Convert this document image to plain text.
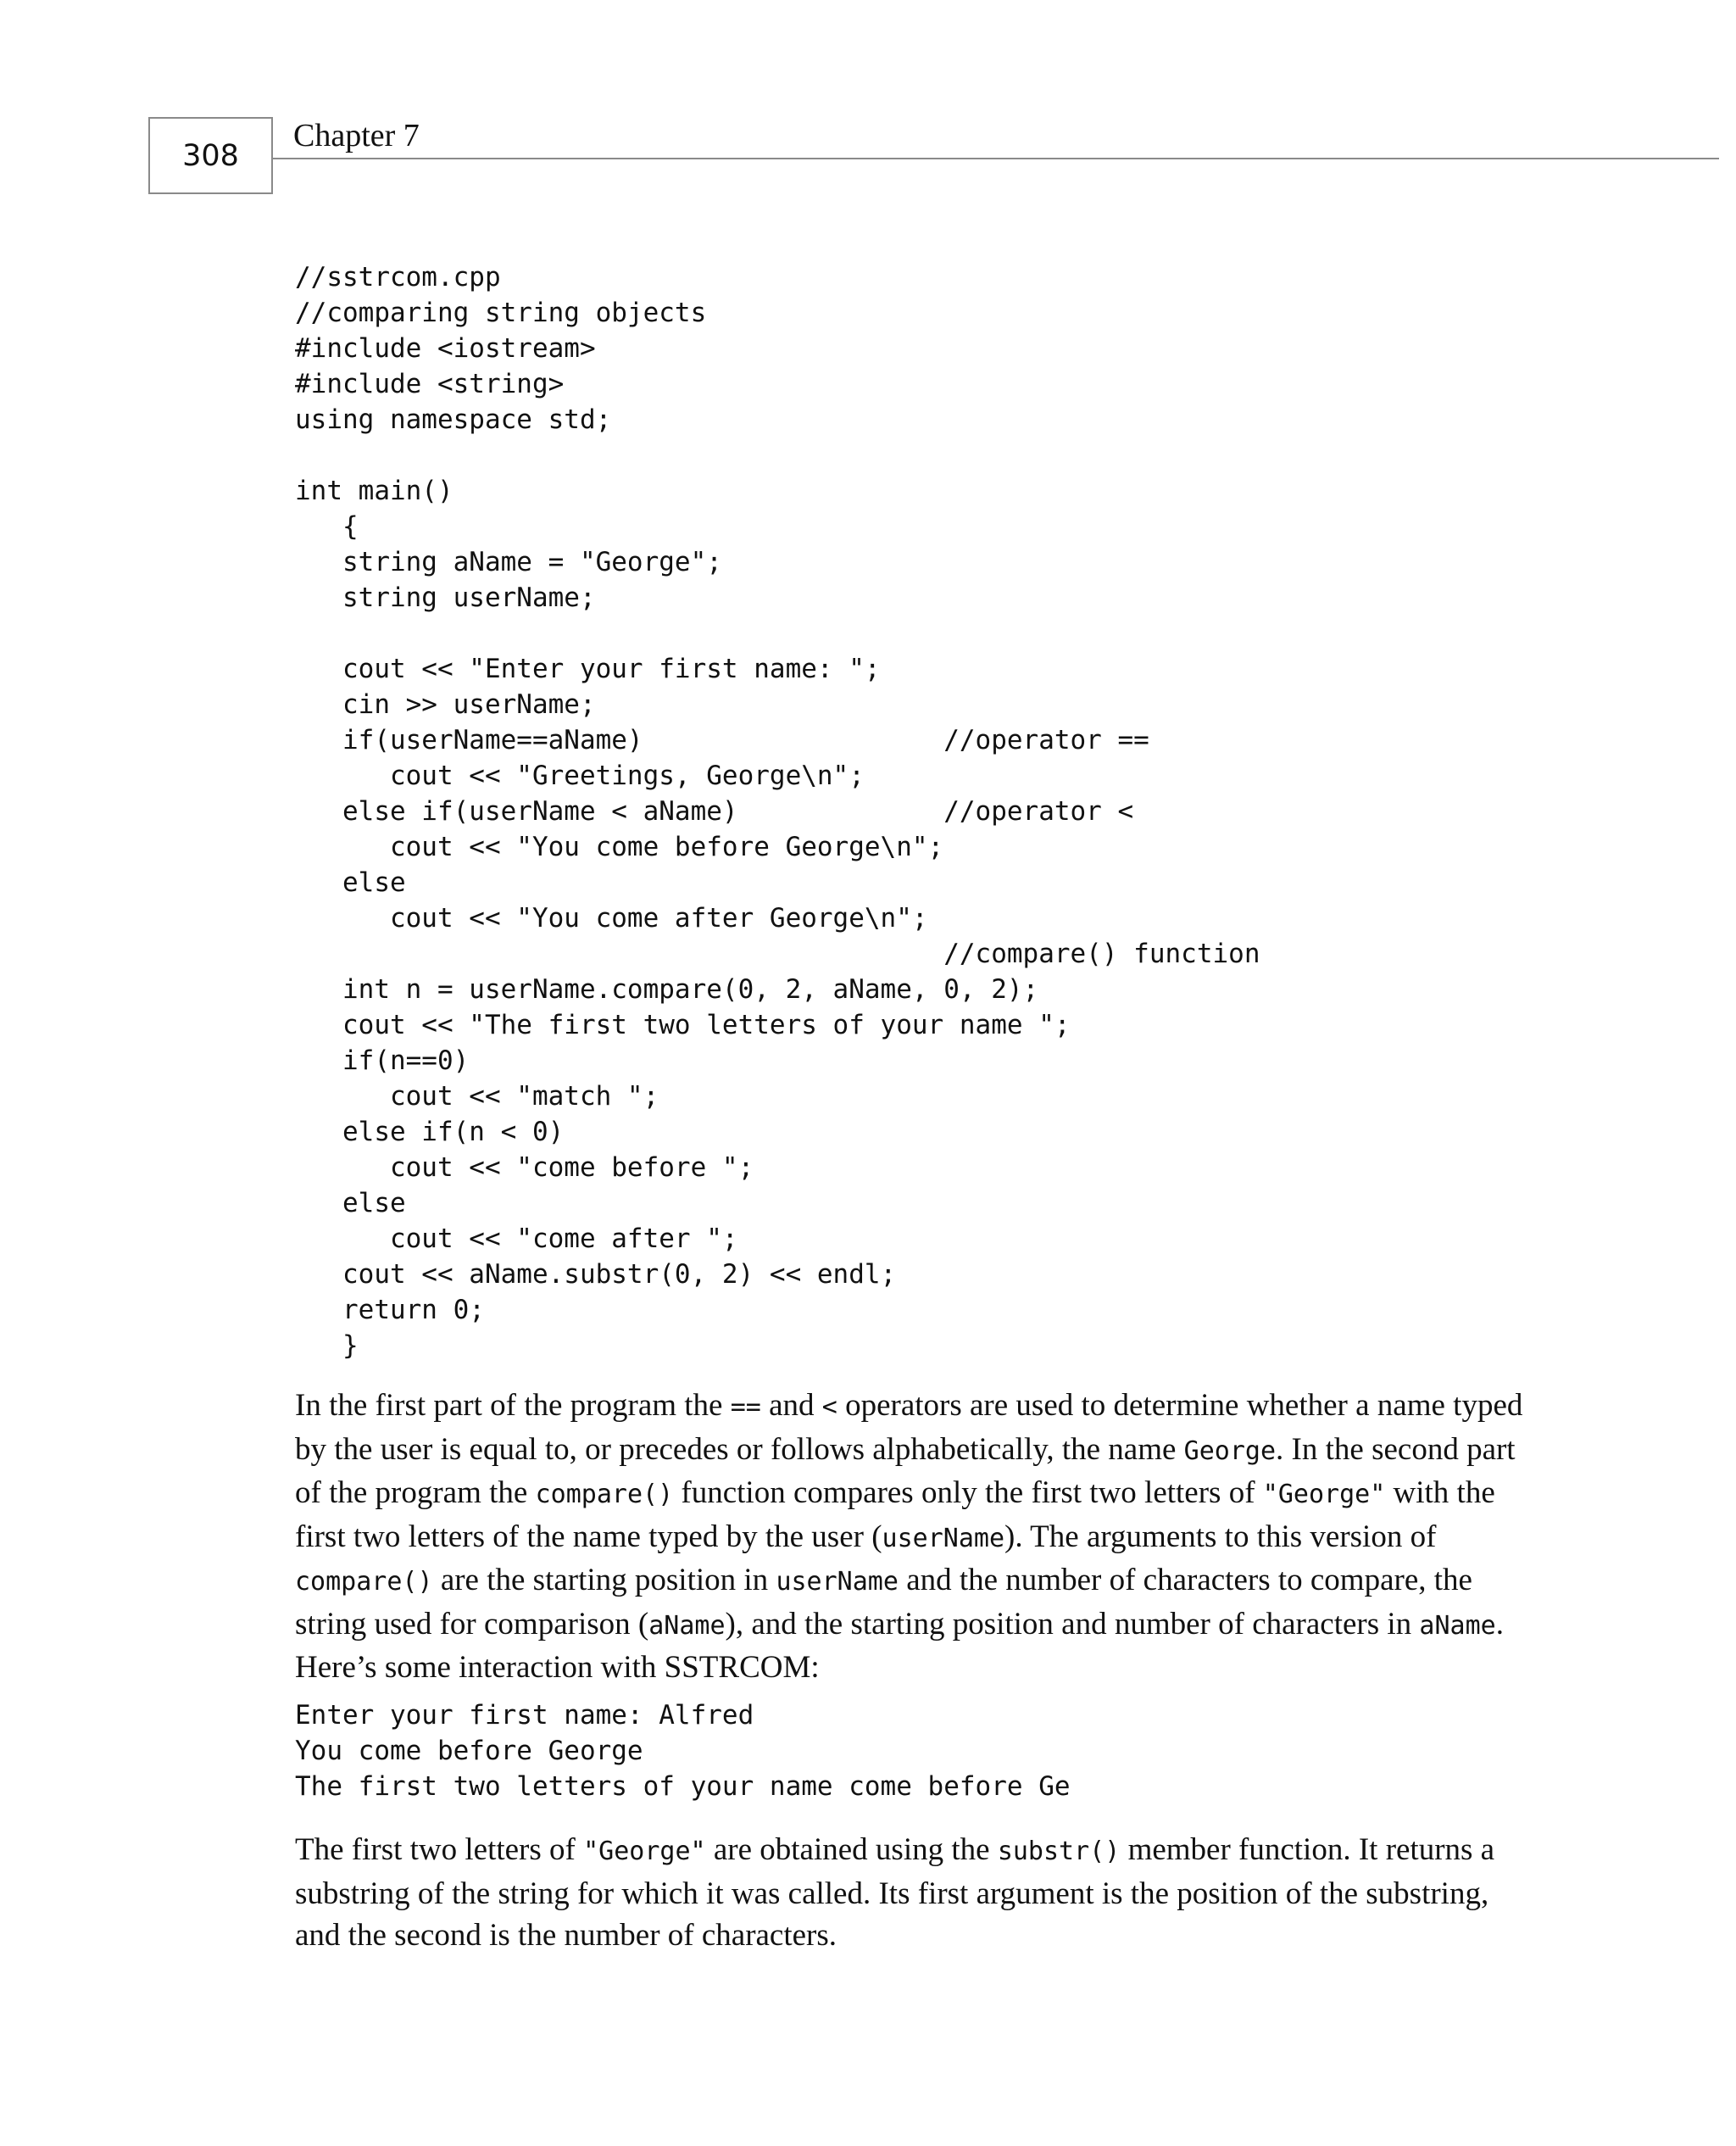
308
Chapter 7
//sstrcom.cpp
//comparing string objects
#include <iostream>
#include <string>
using namespace std;

int main()
{
string aName = "George";
string userName;

cout << "Enter your first name: ";
cin >> userName;
if(userName==aName)                   //operator ==
cout << "Greetings, George\n";
else if(userName < aName)             //operator <
cout << "You come before George\n";
else
cout << "You come after George\n";
//compare() function
int n = userName.compare(0, 2, aName, 0, 2);
cout << "The first two letters of your name ";
if(n==0)
cout << "match ";
else if(n < 0)
cout << "come before ";
else
cout << "come after ";
cout << aName.substr(0, 2) << endl;
return 0;
}

In the first part of the program the == and < operators are used to determine whether a name typed by the user is equal to, or precedes or follows alphabetically, the name George. In the second part of the program the compare() function compares only the first two letters of "George" with the first two letters of the name typed by the user (userName). The arguments to this version of compare() are the starting position in userName and the number of characters to compare, the string used for comparison (aName), and the starting position and number of characters in aName. Here’s some interaction with SSTRCOM:

Enter your first name: Alfred
You come before George
The first two letters of your name come before Ge

The first two letters of "George" are obtained using the substr() member function. It returns a substring of the string for which it was called. Its first argument is the position of the substring, and the second is the number of characters.
